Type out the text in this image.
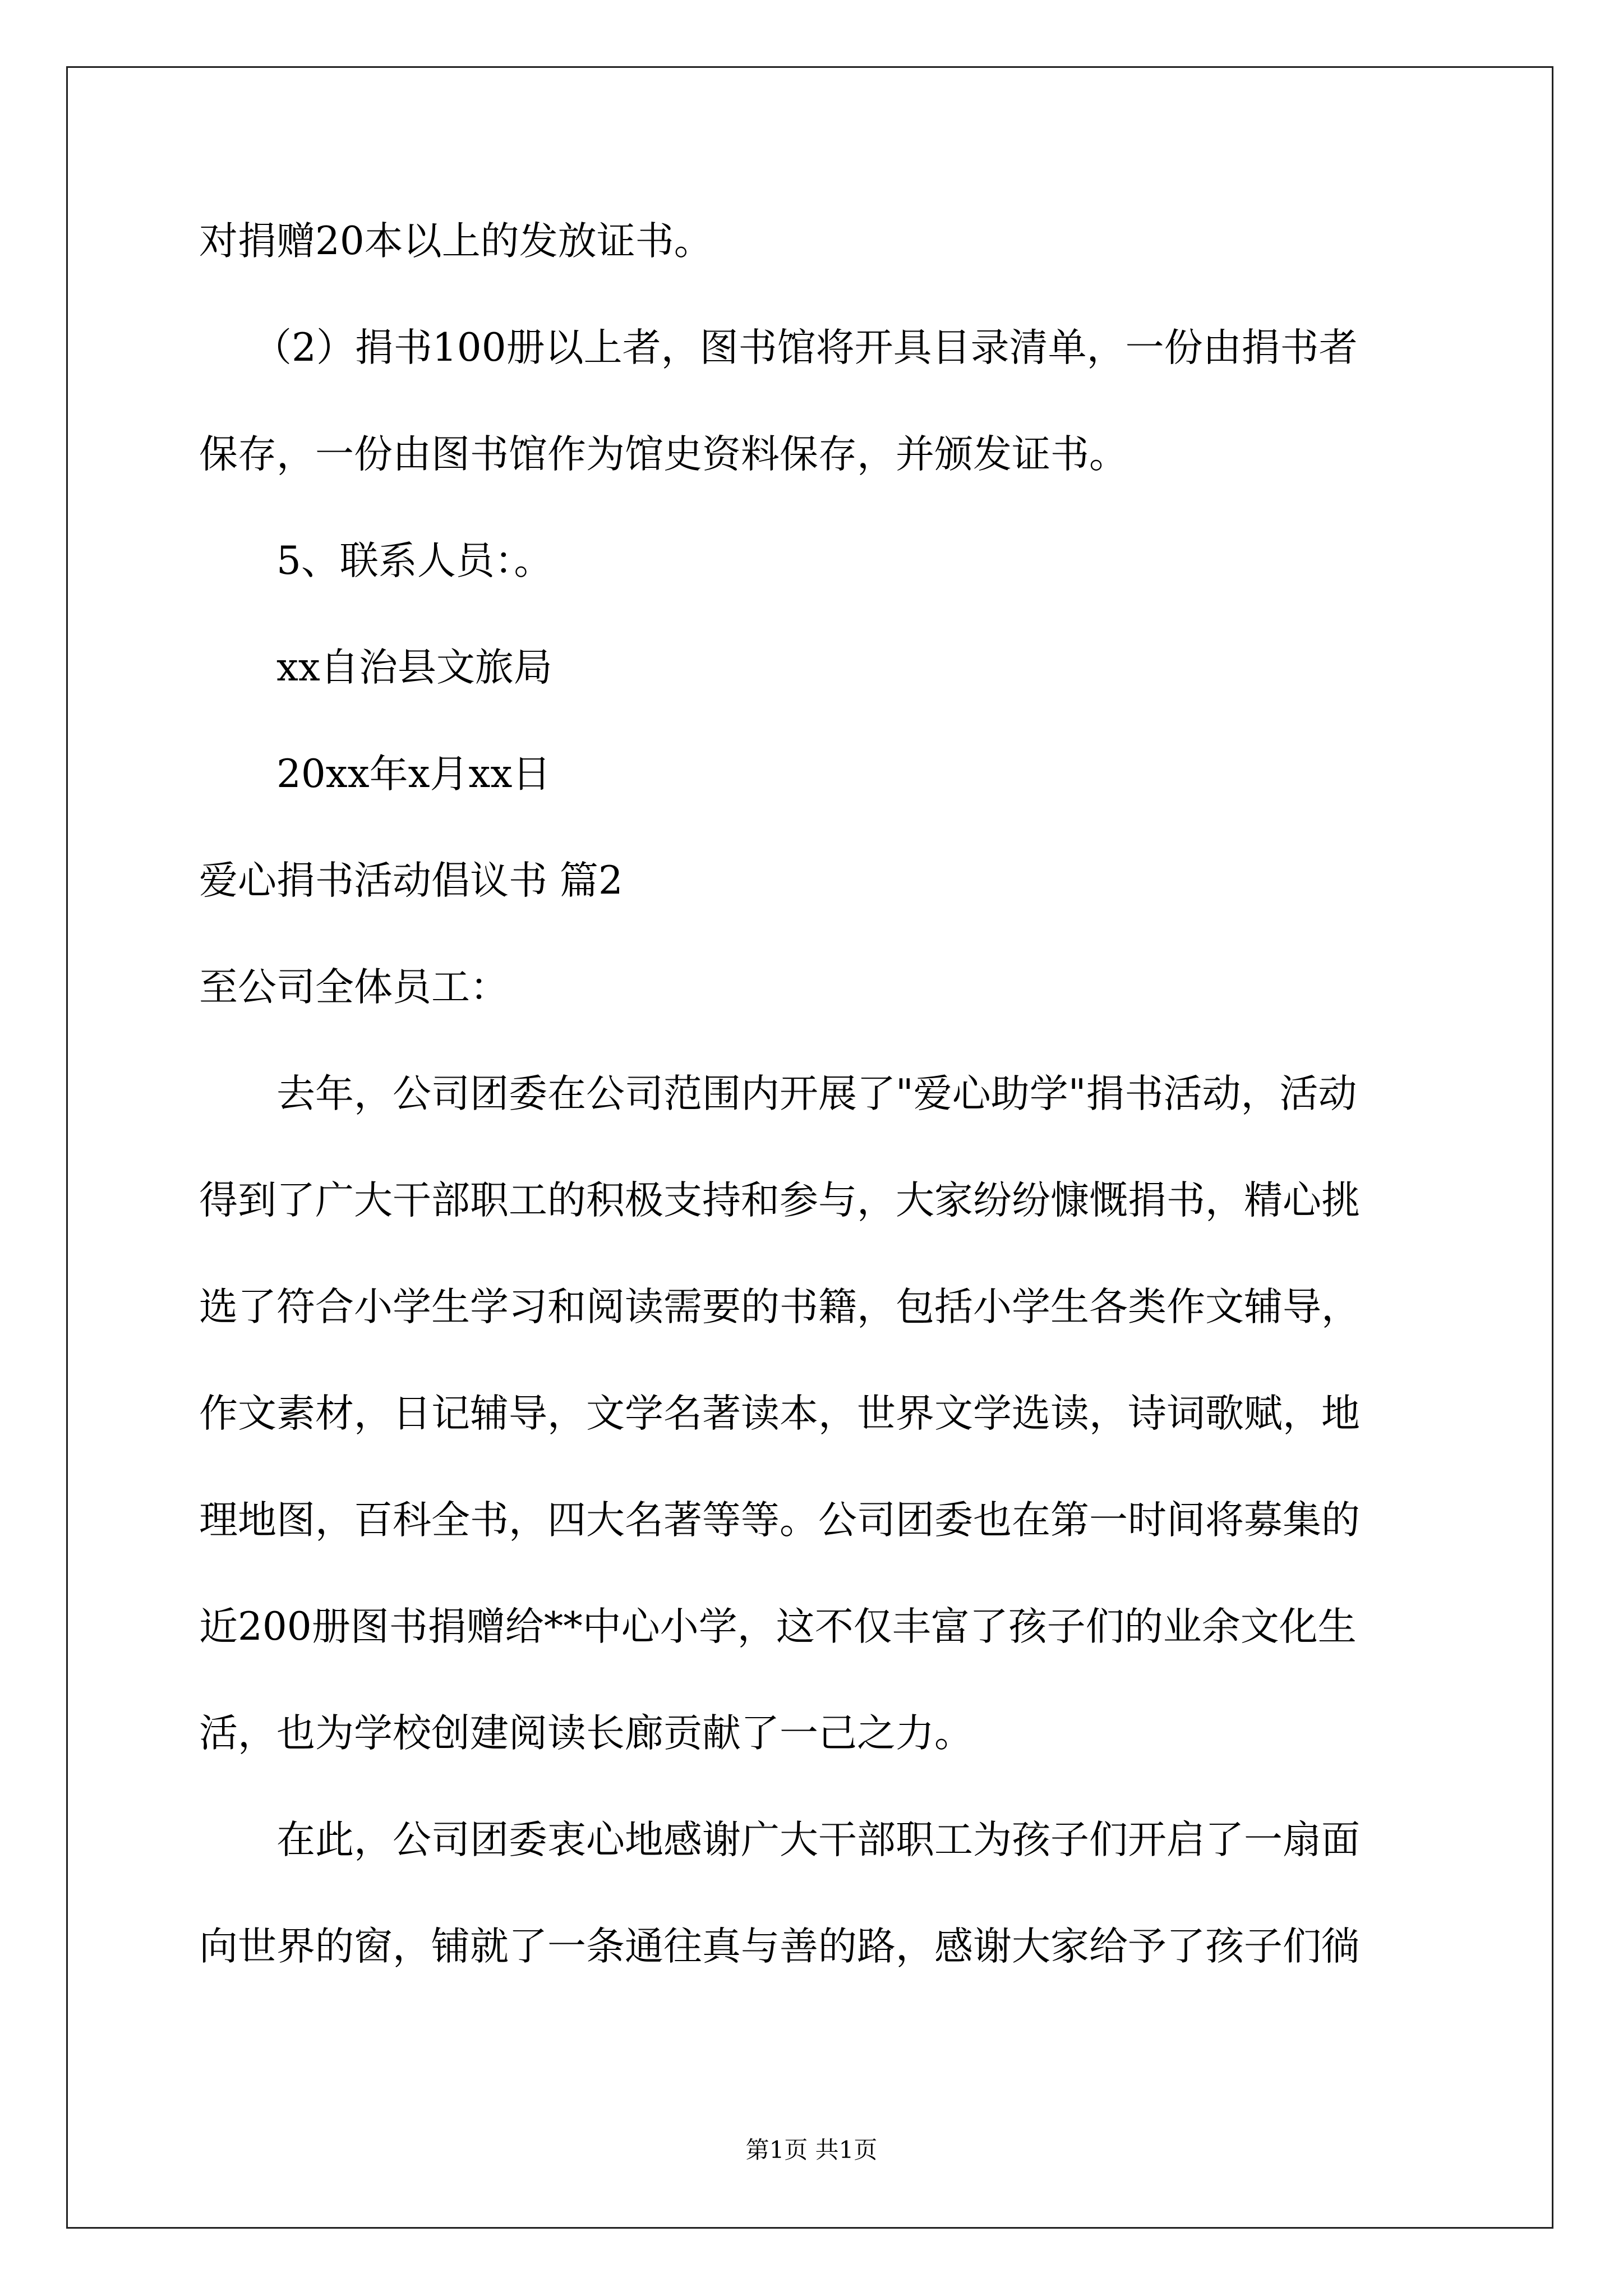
对捐赠20本以上的发放证书。
（2）捐书100册以上者，图书馆将开具目录清单，一份由捐书者
保存，一份由图书馆作为馆史资料保存，并颁发证书。
5、联系人员：。
xx自治县文旅局
20xx年x月xx日
爱心捐书活动倡议书 篇2
至公司全体员工：
去年，公司团委在公司范围内开展了"爱心助学"捐书活动，活动
得到了广大干部职工的积极支持和参与，大家纷纷慷慨捐书，精心挑
选了符合小学生学习和阅读需要的书籍，包括小学生各类作文辅导，
作文素材，日记辅导，文学名著读本，世界文学选读，诗词歌赋，地
理地图，百科全书，四大名著等等。公司团委也在第一时间将募集的
近200册图书捐赠给**中心小学，这不仅丰富了孩子们的业余文化生
活，也为学校创建阅读长廊贡献了一己之力。
在此，公司团委衷心地感谢广大干部职工为孩子们开启了一扇面
向世界的窗，铺就了一条通往真与善的路，感谢大家给予了孩子们徜
第1页 共1页
